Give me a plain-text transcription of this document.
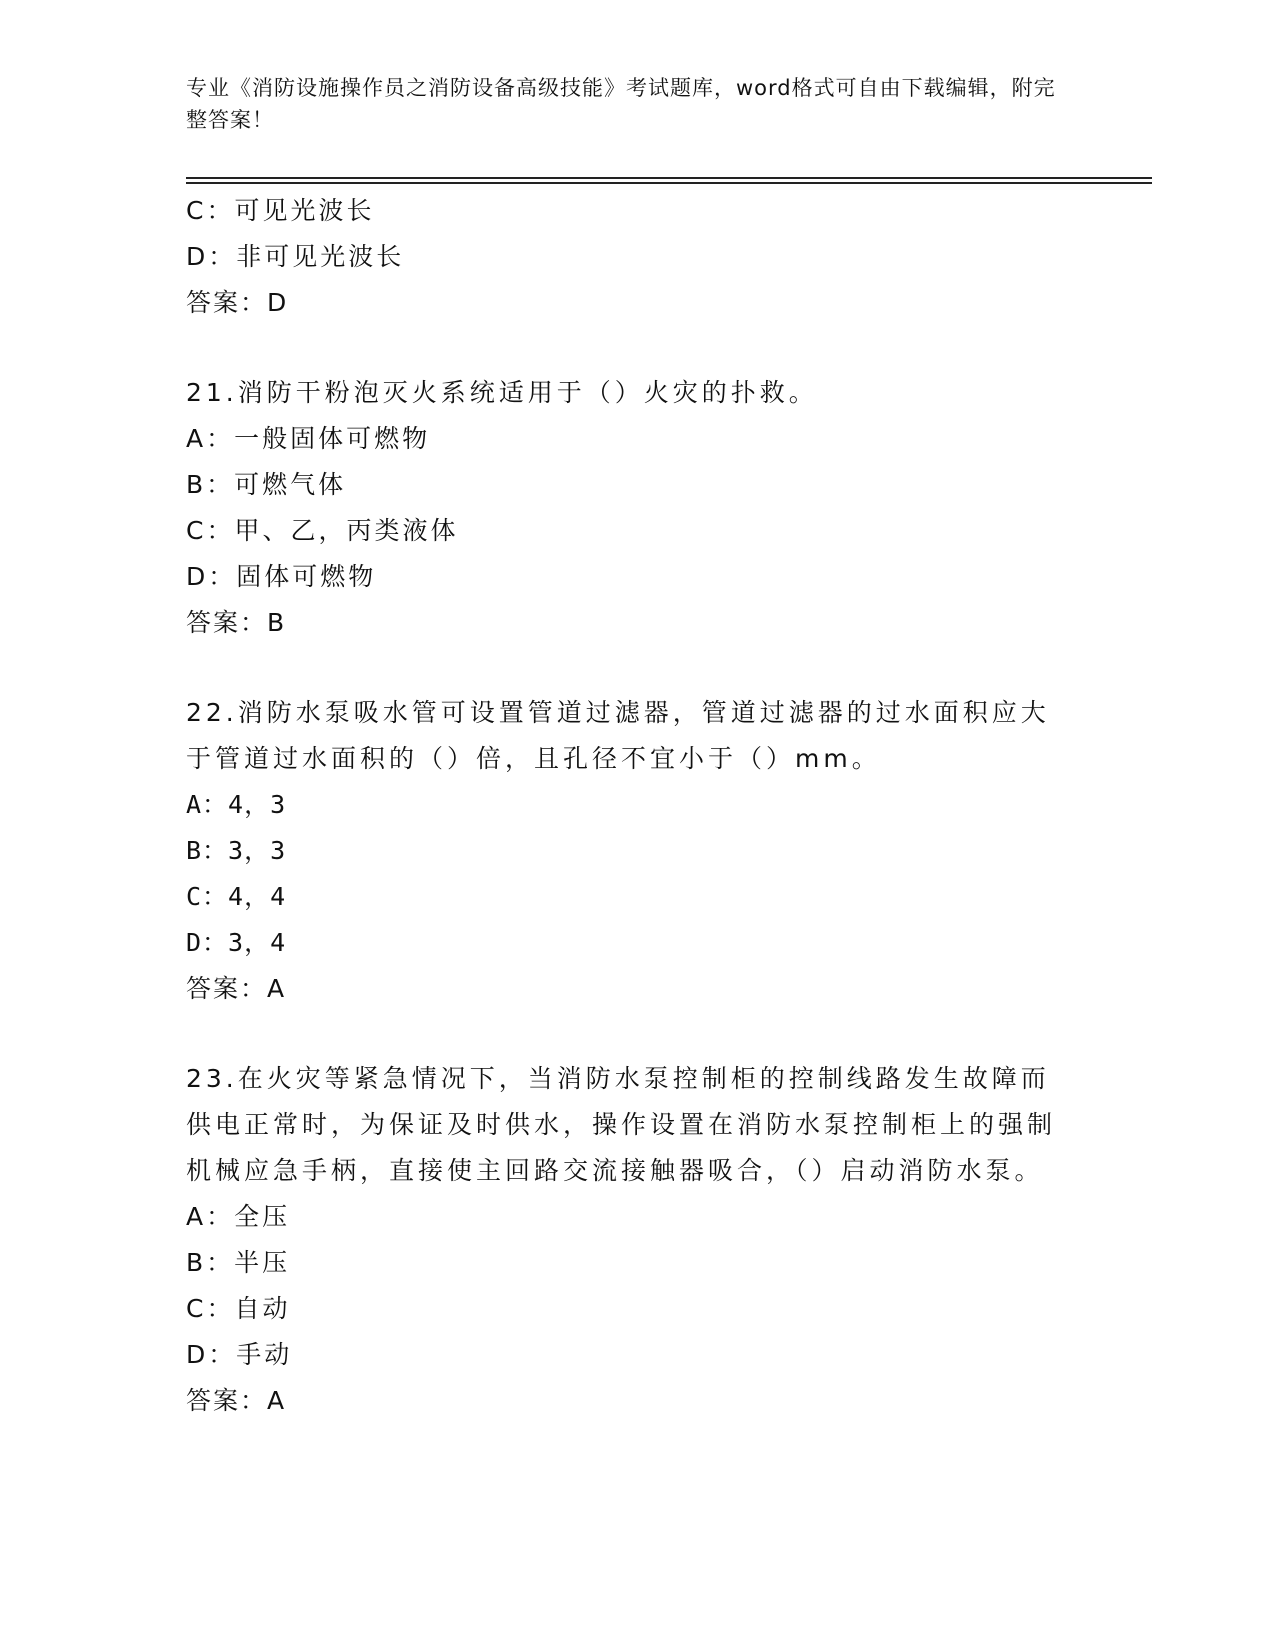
专业《消防设施操作员之消防设备高级技能》考试题库，word格式可自由下载编辑，附完整答案！
C：可见光波长
D：非可见光波长
答案：D
21.消防干粉泡灭火系统适用于（）火灾的扑救。
A：一般固体可燃物
B：可燃气体
C：甲、乙，丙类液体
D：固体可燃物
答案：B
22.消防水泵吸水管可设置管道过滤器，管道过滤器的过水面积应大于管道过水面积的（）倍，且孔径不宜小于（）mm。
A：4，3
B：3，3
C：4，4
D：3，4
答案：A
23.在火灾等紧急情况下，当消防水泵控制柜的控制线路发生故障而供电正常时，为保证及时供水，操作设置在消防水泵控制柜上的强制机械应急手柄，直接使主回路交流接触器吸合，（）启动消防水泵。
A：全压
B：半压
C：自动
D：手动
答案：A
